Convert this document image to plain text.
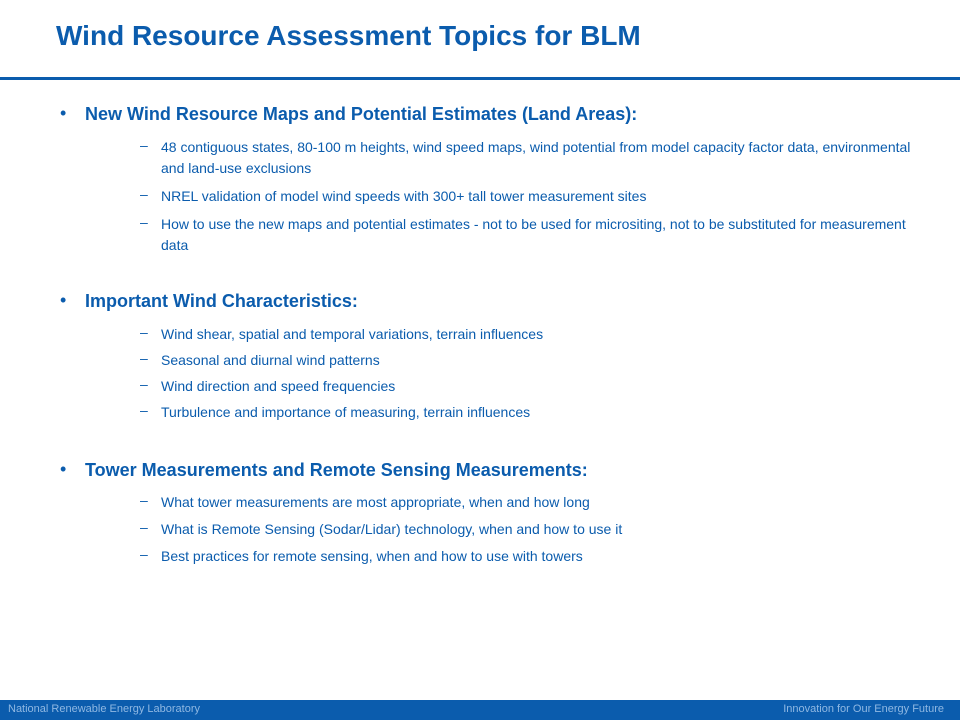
Wind Resource Assessment Topics for BLM
• New Wind Resource Maps and Potential Estimates (Land Areas):
– 48 contiguous states, 80-100 m heights, wind speed maps, wind potential from model capacity factor data, environmental and land-use exclusions
– NREL validation of model wind speeds with 300+ tall tower measurement sites
– How to use the new maps and potential estimates - not to be used for micrositing, not to be substituted for measurement data
• Important Wind Characteristics:
– Wind shear, spatial and temporal variations, terrain influences
– Seasonal and diurnal wind patterns
– Wind direction and speed frequencies
– Turbulence and importance of measuring, terrain influences
• Tower Measurements and Remote Sensing Measurements:
– What tower measurements are most appropriate, when and how long
– What is Remote Sensing (Sodar/Lidar) technology, when and how to use it
– Best practices for remote sensing, when and how to use with towers
National Renewable Energy Laboratory	Innovation for Our Energy Future
